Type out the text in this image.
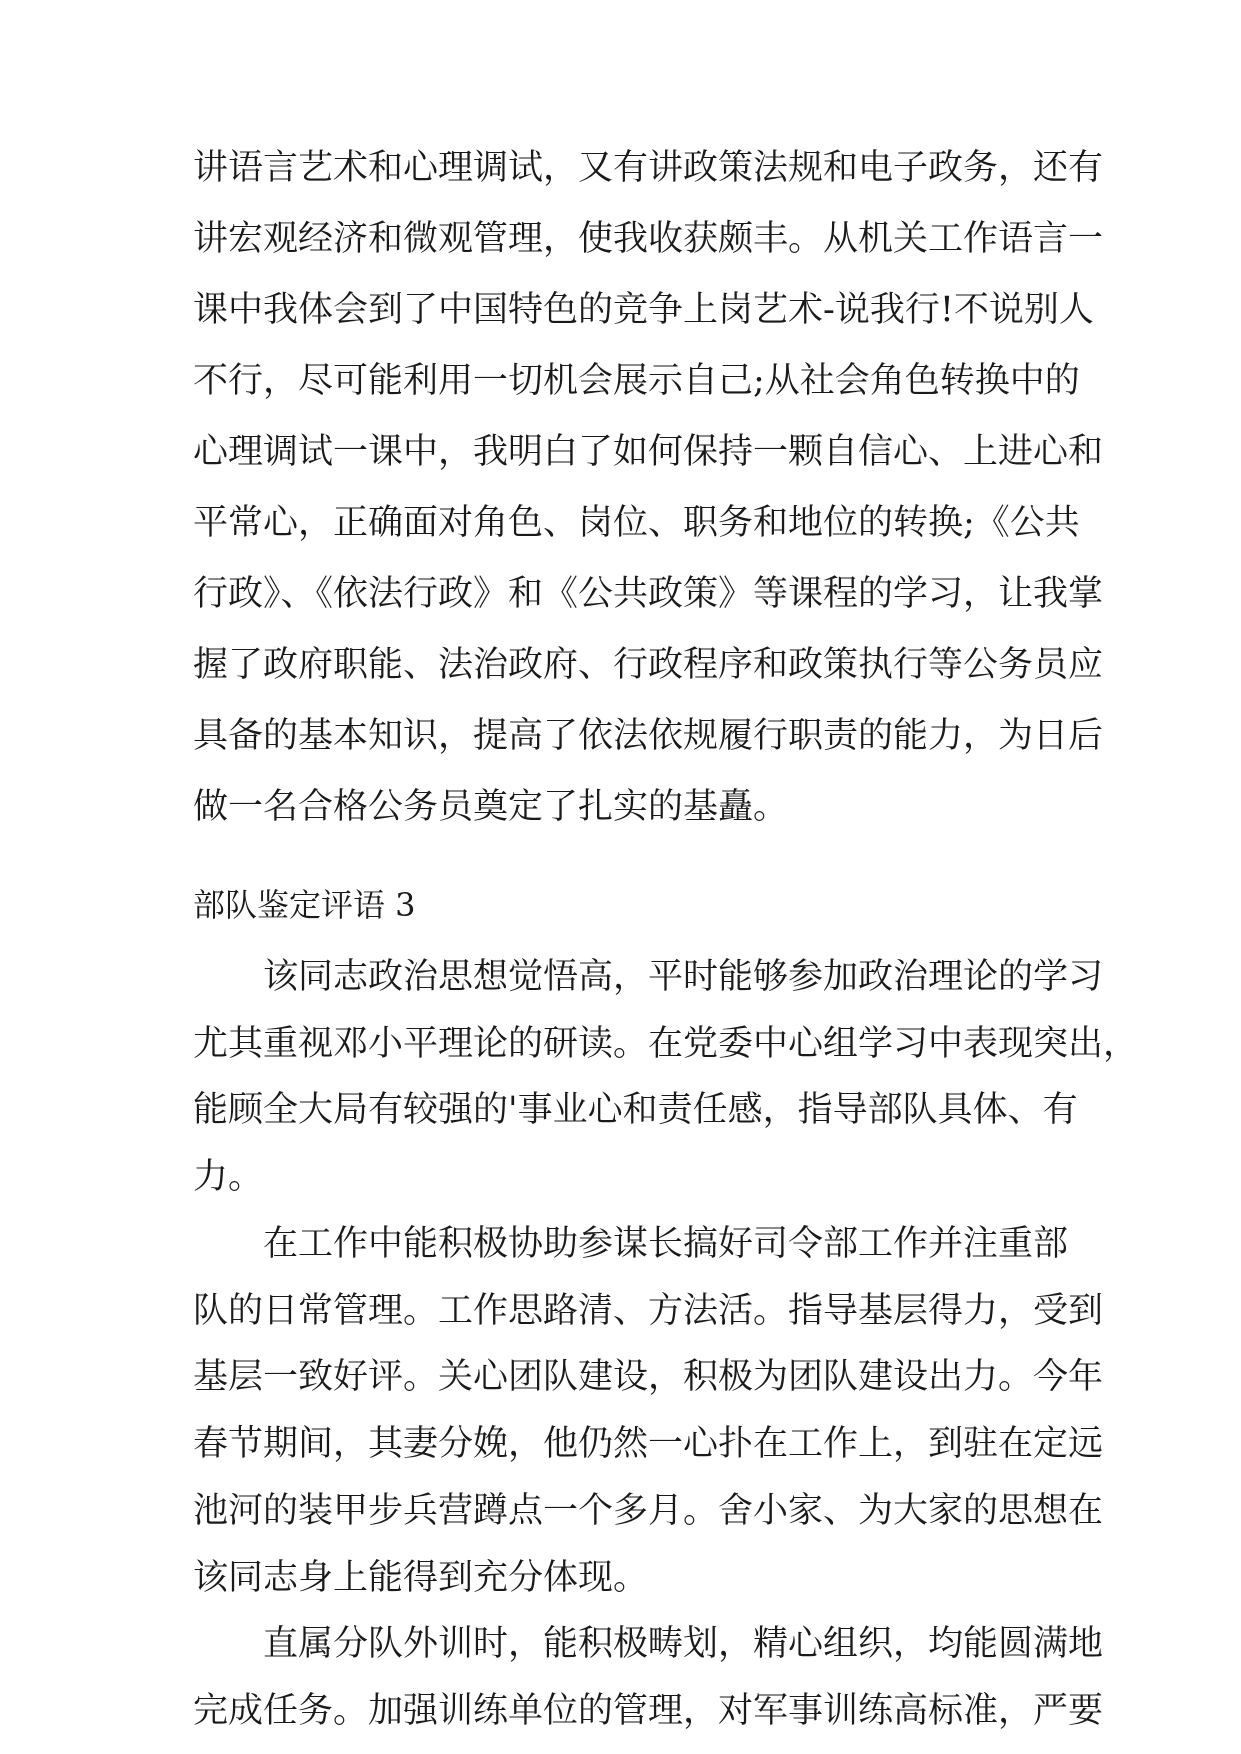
讲语言艺术和心理调试，又有讲政策法规和电子政务，还有
讲宏观经济和微观管理，使我收获颇丰。从机关工作语言一
课中我体会到了中国特色的竞争上岗艺术-说我行!不说别人
不行，尽可能利用一切机会展示自己;从社会角色转换中的
心理调试一课中，我明白了如何保持一颗自信心、上进心和
平常心，正确面对角色、岗位、职务和地位的转换;《公共
行政》、《依法行政》和《公共政策》等课程的学习，让我掌
握了政府职能、法治政府、行政程序和政策执行等公务员应
具备的基本知识，提高了依法依规履行职责的能力，为日后
做一名合格公务员奠定了扎实的基矗。
部队鉴定评语 3
　　该同志政治思想觉悟高，平时能够参加政治理论的学习
尤其重视邓小平理论的研读。在党委中心组学习中表现突出，
能顾全大局有较强的'事业心和责任感，指导部队具体、有
力。
　　在工作中能积极协助参谋长搞好司令部工作并注重部
队的日常管理。工作思路清、方法活。指导基层得力，受到
基层一致好评。关心团队建设，积极为团队建设出力。今年
春节期间，其妻分娩，他仍然一心扑在工作上，到驻在定远
池河的装甲步兵营蹲点一个多月。舍小家、为大家的思想在
该同志身上能得到充分体现。
　　直属分队外训时，能积极畴划，精心组织，均能圆满地
完成任务。加强训练单位的管理，对军事训练高标准，严要
